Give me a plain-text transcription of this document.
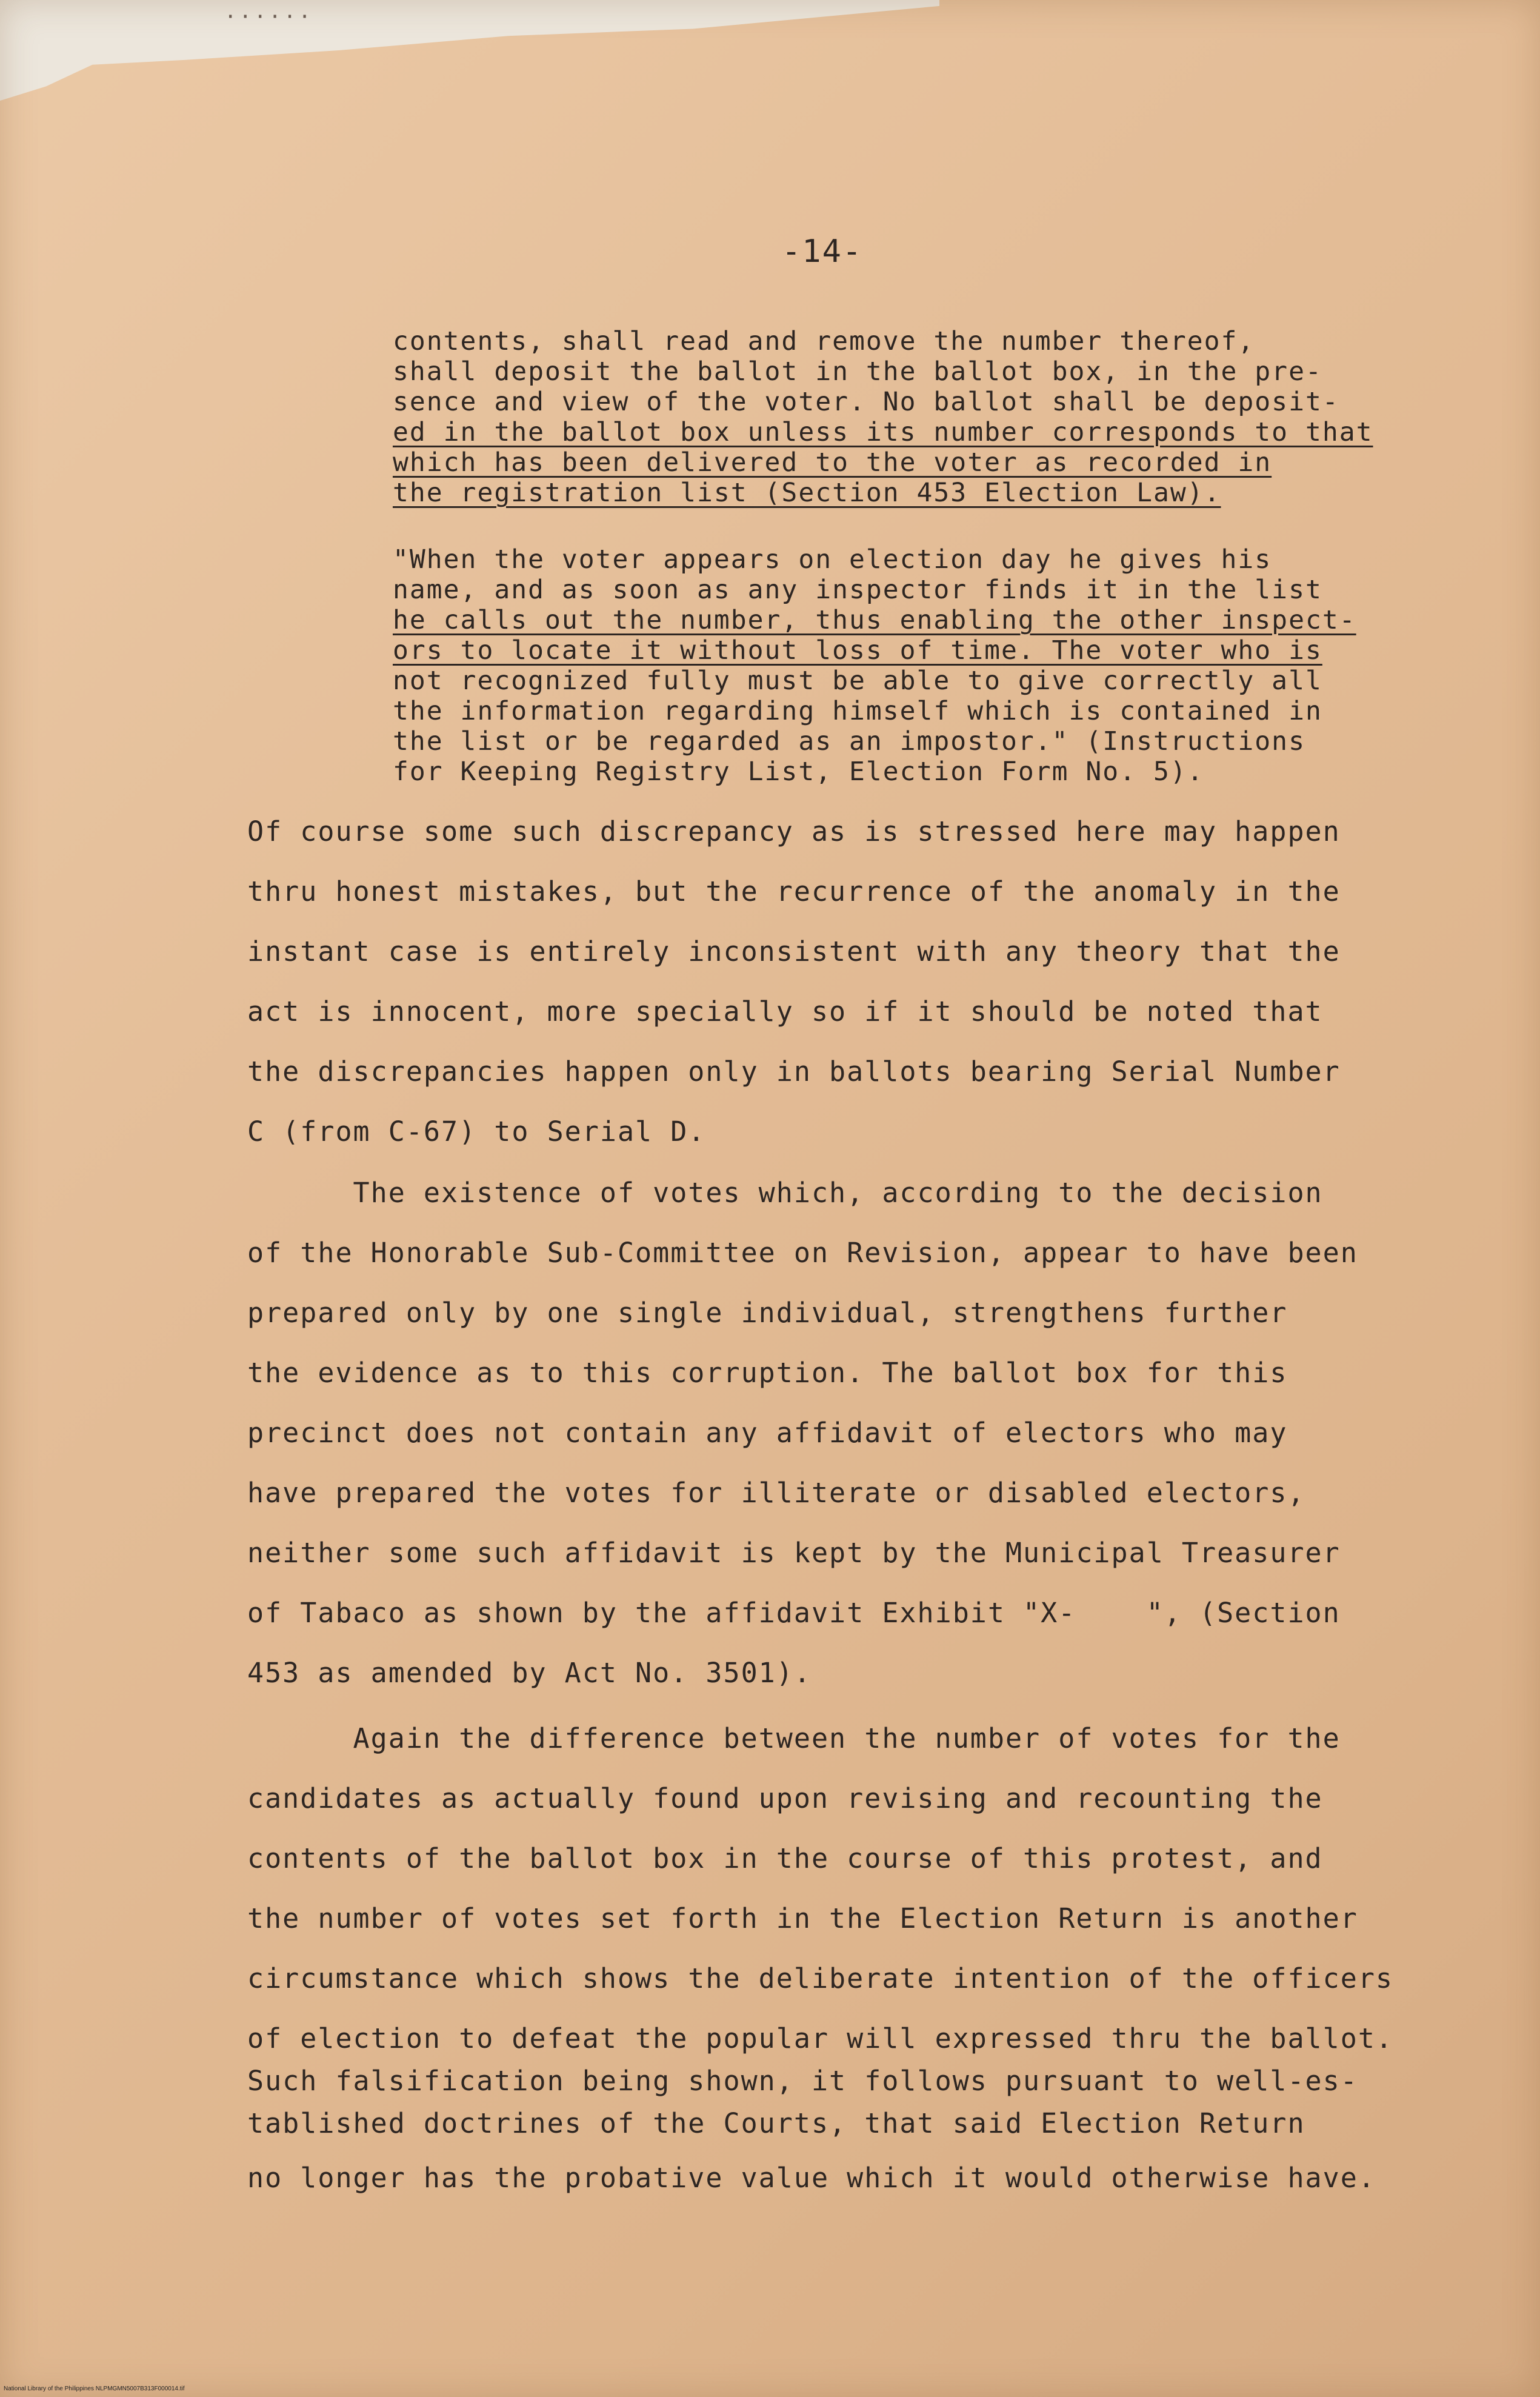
······
-14-
contents, shall read and remove the number thereof,
shall deposit the ballot in the ballot box, in the pre-
sence and view of the voter. No ballot shall be deposit-
ed in the ballot box unless its number corresponds to that
which has been delivered to the voter as recorded in
the registration list (Section 453 Election Law).
"When the voter appears on election day he gives his
name, and as soon as any inspector finds it in the list
he calls out the number, thus enabling the other inspect-
ors to locate it without loss of time. The voter who is
not recognized fully must be able to give correctly all
the information regarding himself which is contained in
the list or be regarded as an impostor." (Instructions
for Keeping Registry List, Election Form No. 5).
Of course some such discrepancy as is stressed here may happen
thru honest mistakes, but the recurrence of the anomaly in the
instant case is entirely inconsistent with any theory that the
act is innocent, more specially so if it should be noted that
the discrepancies happen only in ballots bearing Serial Number
C (from C-67) to Serial D.
The existence of votes which, according to the decision
of the Honorable Sub-Committee on Revision, appear to have been
prepared only by one single individual, strengthens further
the evidence as to this corruption. The ballot box for this
precinct does not contain any affidavit of electors who may
have prepared the votes for illiterate or disabled electors,
neither some such affidavit is kept by the Municipal Treasurer
of Tabaco as shown by the affidavit Exhibit "X-    ", (Section
453 as amended by Act No. 3501).
Again the difference between the number of votes for the
candidates as actually found upon revising and recounting the
contents of the ballot box in the course of this protest, and
the number of votes set forth in the Election Return is another
circumstance which shows the deliberate intention of the officers
of election to defeat the popular will expressed thru the ballot.
Such falsification being shown, it follows pursuant to well-es-
tablished doctrines of the Courts, that said Election Return
no longer has the probative value which it would otherwise have.
National Library of the Philippines NLPMGMN5007B313F000014.tif
